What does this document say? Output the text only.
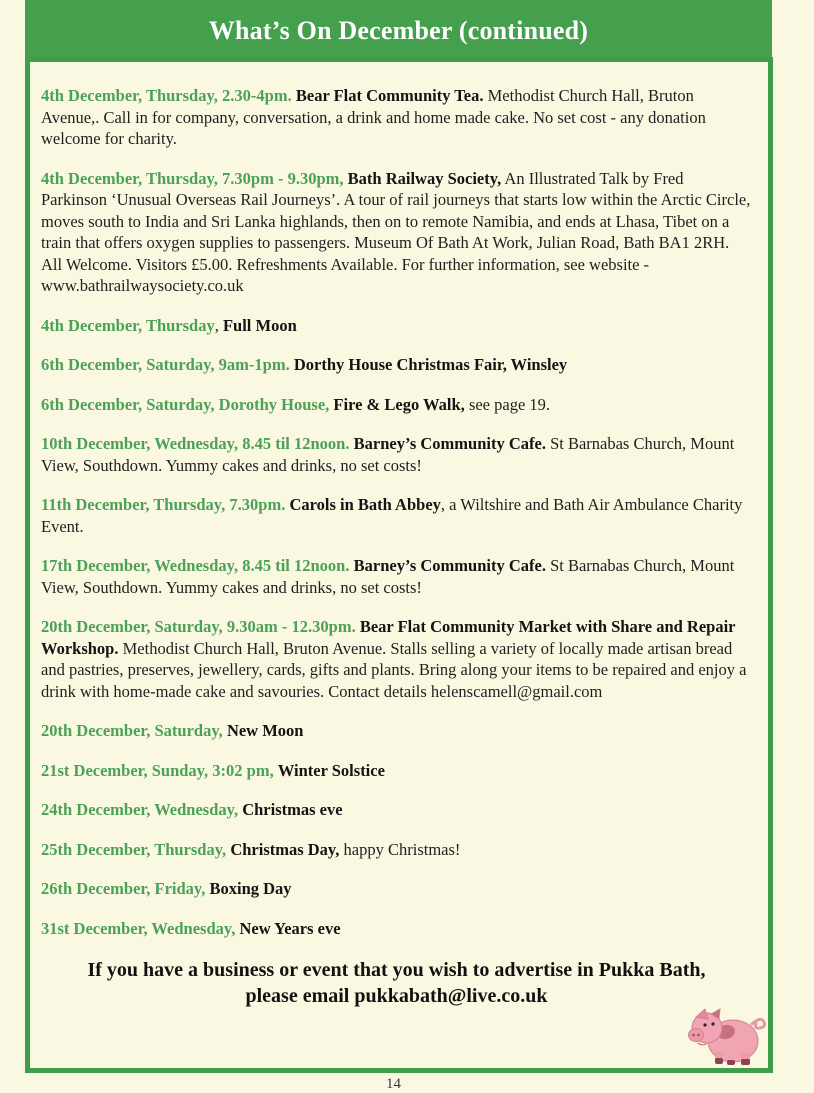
What’s On December (continued)

4th December, Thursday, 2.30-4pm. Bear Flat Community Tea. Methodist Church Hall, Bruton Avenue,. Call in for company, conversation, a drink and home made cake. No set cost - any donation welcome for charity.

4th December, Thursday, 7.30pm - 9.30pm, Bath Railway Society, An Illustrated Talk by Fred Parkinson ‘Unusual Overseas Rail Journeys’. A tour of rail journeys that starts low within the Arctic Circle, moves south to India and Sri Lanka highlands, then on to remote Namibia, and ends at Lhasa, Tibet on a train that offers oxygen supplies to passengers. Museum Of Bath At Work, Julian Road, Bath BA1 2RH. All Welcome. Visitors £5.00. Refreshments Available. For further information, see website - www.bathrailwaysociety.co.uk

4th December, Thursday, Full Moon

6th December, Saturday, 9am-1pm. Dorthy House Christmas Fair, Winsley

6th December, Saturday, Dorothy House, Fire & Lego Walk, see page 19.

10th December, Wednesday, 8.45 til 12noon. Barney’s Community Cafe. St Barnabas Church, Mount View, Southdown. Yummy cakes and drinks, no set costs!

11th December, Thursday, 7.30pm. Carols in Bath Abbey, a Wiltshire and Bath Air Ambulance Charity Event.

17th December, Wednesday, 8.45 til 12noon. Barney’s Community Cafe. St Barnabas Church, Mount View, Southdown. Yummy cakes and drinks, no set costs!

20th December, Saturday, 9.30am - 12.30pm. Bear Flat Community Market with Share and Repair Workshop. Methodist Church Hall, Bruton Avenue. Stalls selling a variety of locally made artisan bread and pastries, preserves, jewellery, cards, gifts and plants. Bring along your items to be repaired and enjoy a drink with home-made cake and savouries. Contact details helenscamell@gmail.com

20th December, Saturday, New Moon

21st December, Sunday, 3:02 pm, Winter Solstice

24th December, Wednesday, Christmas eve

25th December, Thursday, Christmas Day, happy Christmas!

26th December, Friday, Boxing Day

31st December, Wednesday, New Years eve

If you have a business or event that you wish to advertise in Pukka Bath,
please email pukkabath@live.co.uk
14
